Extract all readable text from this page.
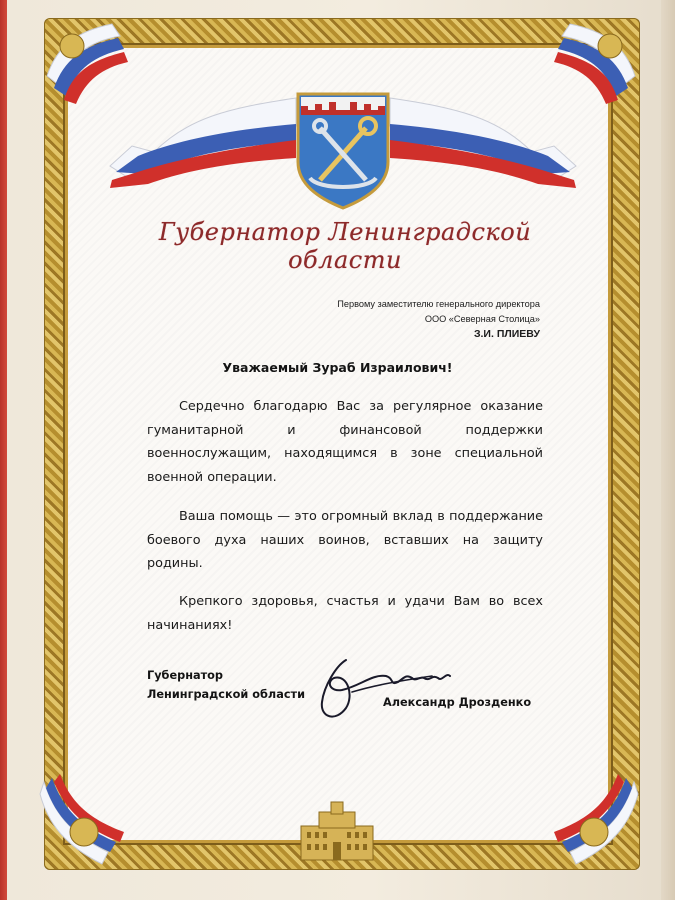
Губернатор Ленинградской области
Первому заместителю генерального директора
ООО «Северная Столица»
З.И. ПЛИЕВУ
Уважаемый Зураб Израилович!

Сердечно благодарю Вас за регулярное оказание гуманитарной и финансовой поддержки военнослужащим, находящимся в зоне специальной военной операции.

Ваша помощь — это огромный вклад в поддержание боевого духа наших воинов, вставших на защиту родины.

Крепкого здоровья, счастья и удачи Вам во всех начинаниях!

Губернатор
Ленинградской области
Александр Дрозденко
